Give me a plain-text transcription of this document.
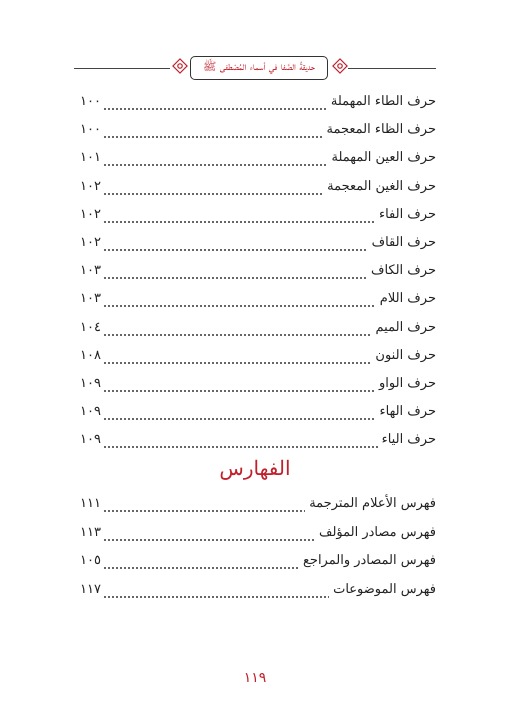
حديقةُ الصَّفا في أسماء المُصْطفى ﷺ
حرف الطاء المهملة
١٠٠
حرف الظاء المعجمة
١٠٠
حرف العين المهملة
١٠١
حرف الغين المعجمة
١٠٢
حرف الفاء
١٠٢
حرف القاف
١٠٢
حرف الكاف
١٠٣
حرف اللام
١٠٣
حرف الميم
١٠٤
حرف النون
١٠٨
حرف الواو
١٠٩
حرف الهاء
١٠٩
حرف الياء
١٠٩
الفهارس
فهرس الأعلام المترجمة
١١١
فهرس مصادر المؤلف
١١٣
فهرس المصادر والمراجع
١٠٥
فهرس الموضوعات
١١٧
١١٩
